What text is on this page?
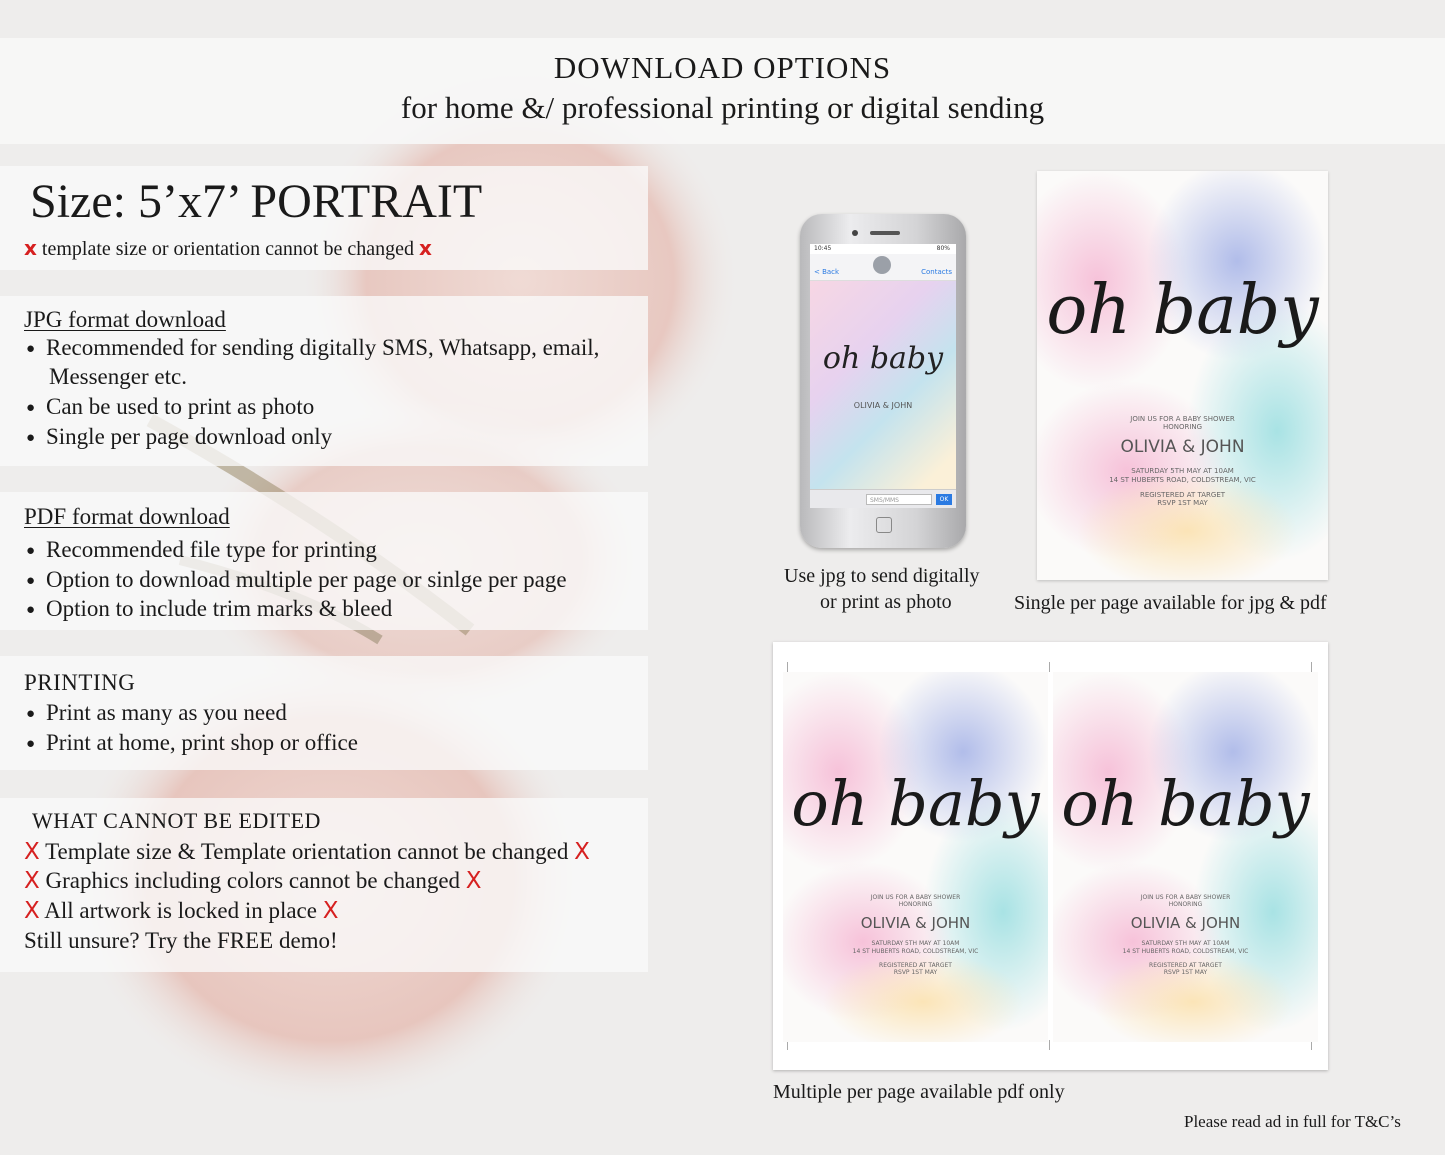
DOWNLOAD OPTIONS
for home &/ professional printing or digital sending
Size: 5’x7’ PORTRAIT
x template size or orientation cannot be changed x
JPG format download
● Recommended for sending digitally SMS, Whatsapp, email,
Messenger etc.
● Can be used to print as photo
● Single per page download only
PDF format download
● Recommended file type for printing
● Option to download multiple per page or sinlge per page
● Option to include trim marks & bleed
PRINTING
● Print as many as you need
● Print at home, print shop or office
WHAT CANNOT BE EDITED
X Template size & Template orientation cannot be changed X
X Graphics including colors cannot be changed X
X All artwork is locked in place X
Still unsure? Try the FREE demo!
10:45	80%
< Back	Contacts
oh baby
OLIVIA & JOHN
SMS/MMS	OK
Use jpg to send digitally
or print as photo
oh baby
JOIN US FOR A BABY SHOWER
HONORING
OLIVIA & JOHN
SATURDAY 5TH MAY AT 10AM
14 ST HUBERTS ROAD, COLDSTREAM, VIC
REGISTERED AT TARGET
RSVP 1ST MAY
Single per page available for jpg & pdf
oh baby
JOIN US FOR A BABY SHOWER
HONORING
OLIVIA & JOHN
SATURDAY 5TH MAY AT 10AM
14 ST HUBERTS ROAD, COLDSTREAM, VIC
REGISTERED AT TARGET
RSVP 1ST MAY
oh baby
JOIN US FOR A BABY SHOWER
HONORING
OLIVIA & JOHN
SATURDAY 5TH MAY AT 10AM
14 ST HUBERTS ROAD, COLDSTREAM, VIC
REGISTERED AT TARGET
RSVP 1ST MAY
Multiple per page available pdf only
Please read ad in full for T&C’s
